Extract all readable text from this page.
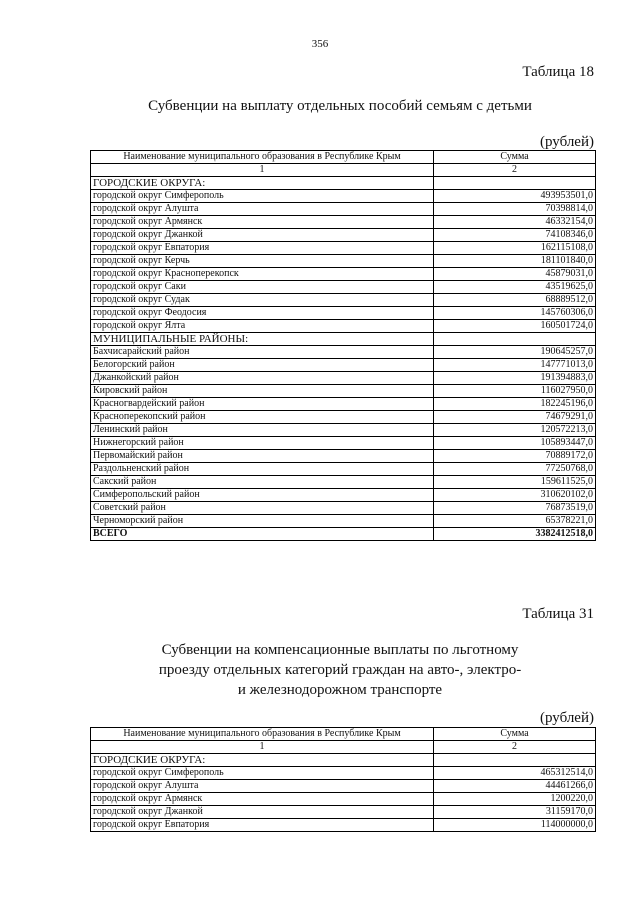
356
Таблица 18
Субвенции на выплату отдельных пособий семьям с детьми
(рублей)
Наименование муниципального образования в Республике Крым	Сумма
1	2
ГОРОДСКИЕ ОКРУГА:	
городской округ Симферополь	493953501,0
городской округ Алушта	70398814,0
городской округ Армянск	46332154,0
городской округ Джанкой	74108346,0
городской округ Евпатория	162115108,0
городской округ Керчь	181101840,0
городской округ Красноперекопск	45879031,0
городской округ Саки	43519625,0
городской округ Судак	68889512,0
городской округ Феодосия	145760306,0
городской округ Ялта	160501724,0
МУНИЦИПАЛЬНЫЕ РАЙОНЫ:	
Бахчисарайский район	190645257,0
Белогорский район	147771013,0
Джанкойский район	191394883,0
Кировский район	116027950,0
Красногвардейский район	182245196,0
Красноперекопский район	74679291,0
Ленинский район	120572213,0
Нижнегорский район	105893447,0
Первомайский район	70889172,0
Раздольненский район	77250768,0
Сакский район	159611525,0
Симферопольский район	310620102,0
Советский район	76873519,0
Черноморский район	65378221,0
ВСЕГО	3382412518,0
Таблица 31
Субвенции на компенсационные выплаты по льготному
проезду отдельных категорий граждан на авто-, электро-
и железнодорожном транспорте
(рублей)
Наименование муниципального образования в Республике Крым	Сумма
1	2
ГОРОДСКИЕ ОКРУГА:	
городской округ Симферополь	465312514,0
городской округ Алушта	44461266,0
городской округ Армянск	1200220,0
городской округ Джанкой	31159170,0
городской округ Евпатория	114000000,0
